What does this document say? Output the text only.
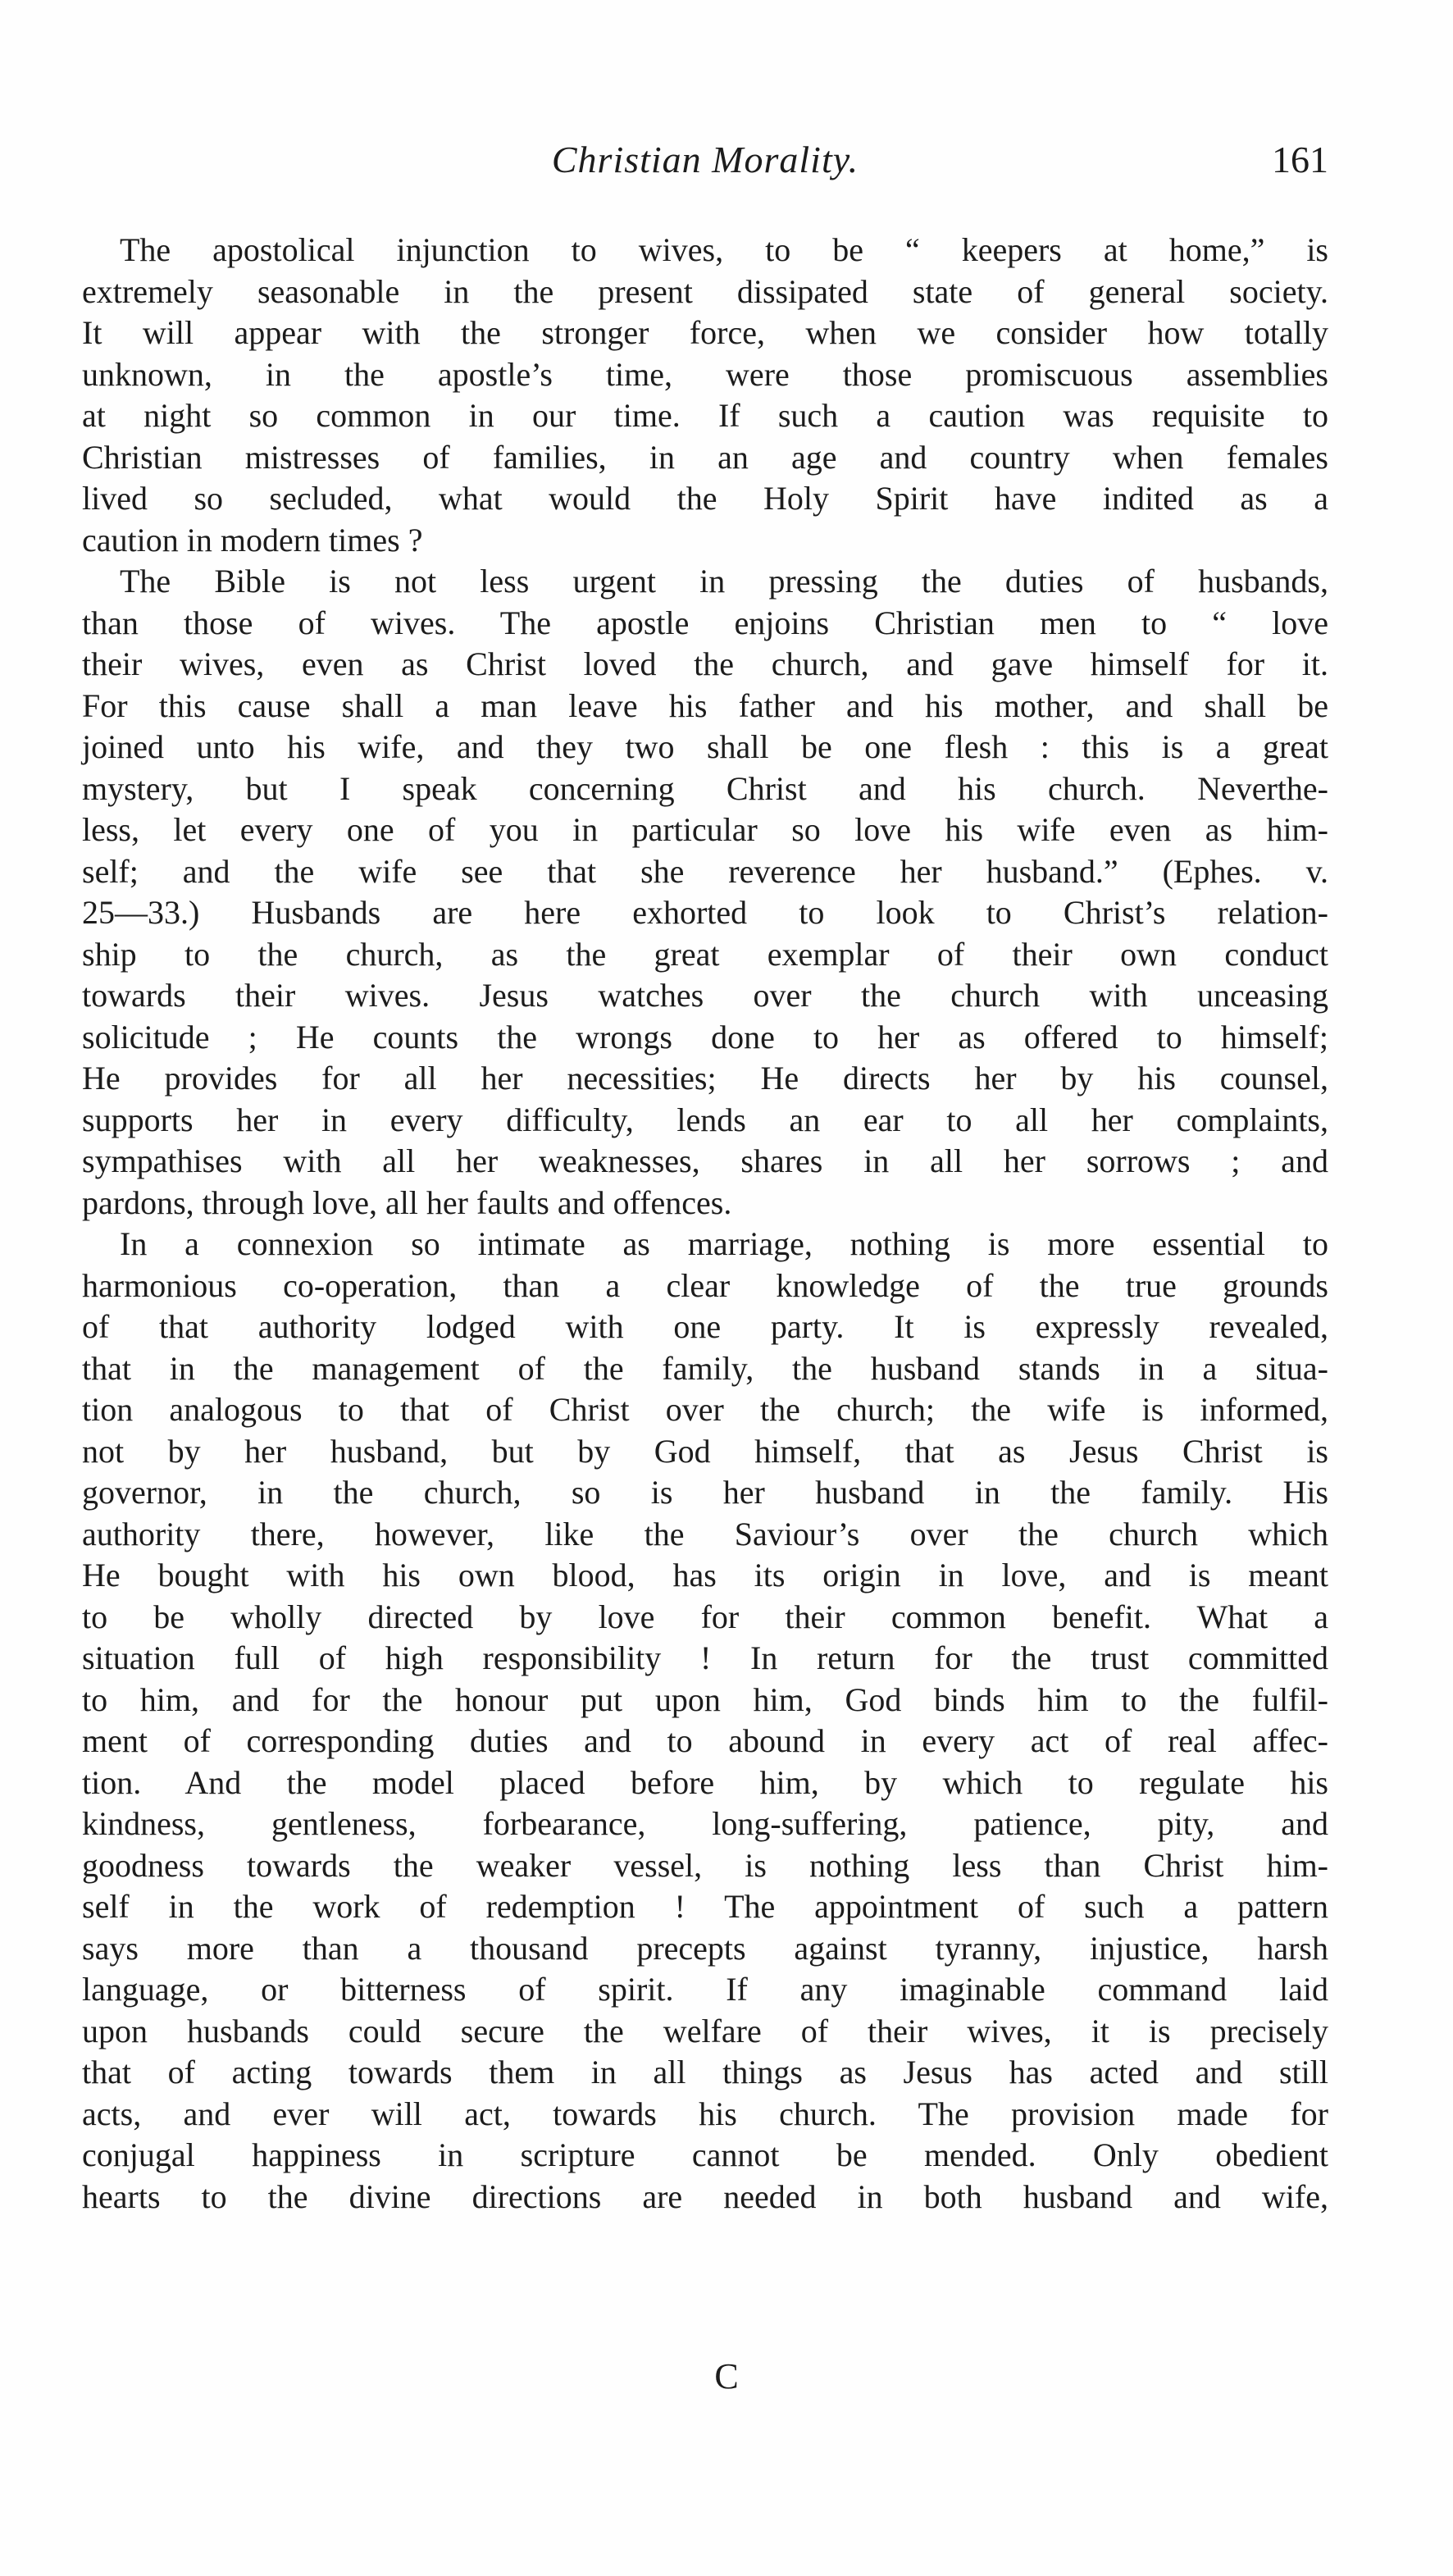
Christian Morality.	161
The apostolical injunction to wives, to be “ keepers at home,” is
extremely seasonable in the present dissipated state of general society.
It will appear with the stronger force, when we consider how totally
unknown, in the apostle’s time, were those promiscuous assemblies
at night so common in our time. If such a caution was requisite to
Christian mistresses of families, in an age and country when females
lived so secluded, what would the Holy Spirit have indited as a
caution in modern times ?
The Bible is not less urgent in pressing the duties of husbands,
than those of wives. The apostle enjoins Christian men to “ love
their wives, even as Christ loved the church, and gave himself for it.
For this cause shall a man leave his father and his mother, and shall be
joined unto his wife, and they two shall be one flesh : this is a great
mystery, but I speak concerning Christ and his church. Neverthe-
less, let every one of you in particular so love his wife even as him-
self; and the wife see that she reverence her husband.” (Ephes. v.
25—33.) Husbands are here exhorted to look to Christ’s relation-
ship to the church, as the great exemplar of their own conduct
towards their wives. Jesus watches over the church with unceasing
solicitude ; He counts the wrongs done to her as offered to himself;
He provides for all her necessities; He directs her by his counsel,
supports her in every difficulty, lends an ear to all her complaints,
sympathises with all her weaknesses, shares in all her sorrows ; and
pardons, through love, all her faults and offences.
In a connexion so intimate as marriage, nothing is more essential to
harmonious co-operation, than a clear knowledge of the true grounds
of that authority lodged with one party. It is expressly revealed,
that in the management of the family, the husband stands in a situa-
tion analogous to that of Christ over the church; the wife is informed,
not by her husband, but by God himself, that as Jesus Christ is
governor, in the church, so is her husband in the family. His
authority there, however, like the Saviour’s over the church which
He bought with his own blood, has its origin in love, and is meant
to be wholly directed by love for their common benefit. What a
situation full of high responsibility ! In return for the trust committed
to him, and for the honour put upon him, God binds him to the fulfil-
ment of corresponding duties and to abound in every act of real affec-
tion. And the model placed before him, by which to regulate his
kindness, gentleness, forbearance, long-suffering, patience, pity, and
goodness towards the weaker vessel, is nothing less than Christ him-
self in the work of redemption ! The appointment of such a pattern
says more than a thousand precepts against tyranny, injustice, harsh
language, or bitterness of spirit. If any imaginable command laid
upon husbands could secure the welfare of their wives, it is precisely
that of acting towards them in all things as Jesus has acted and still
acts, and ever will act, towards his church. The provision made for
conjugal happiness in scripture cannot be mended. Only obedient
hearts to the divine directions are needed in both husband and wife,
C
